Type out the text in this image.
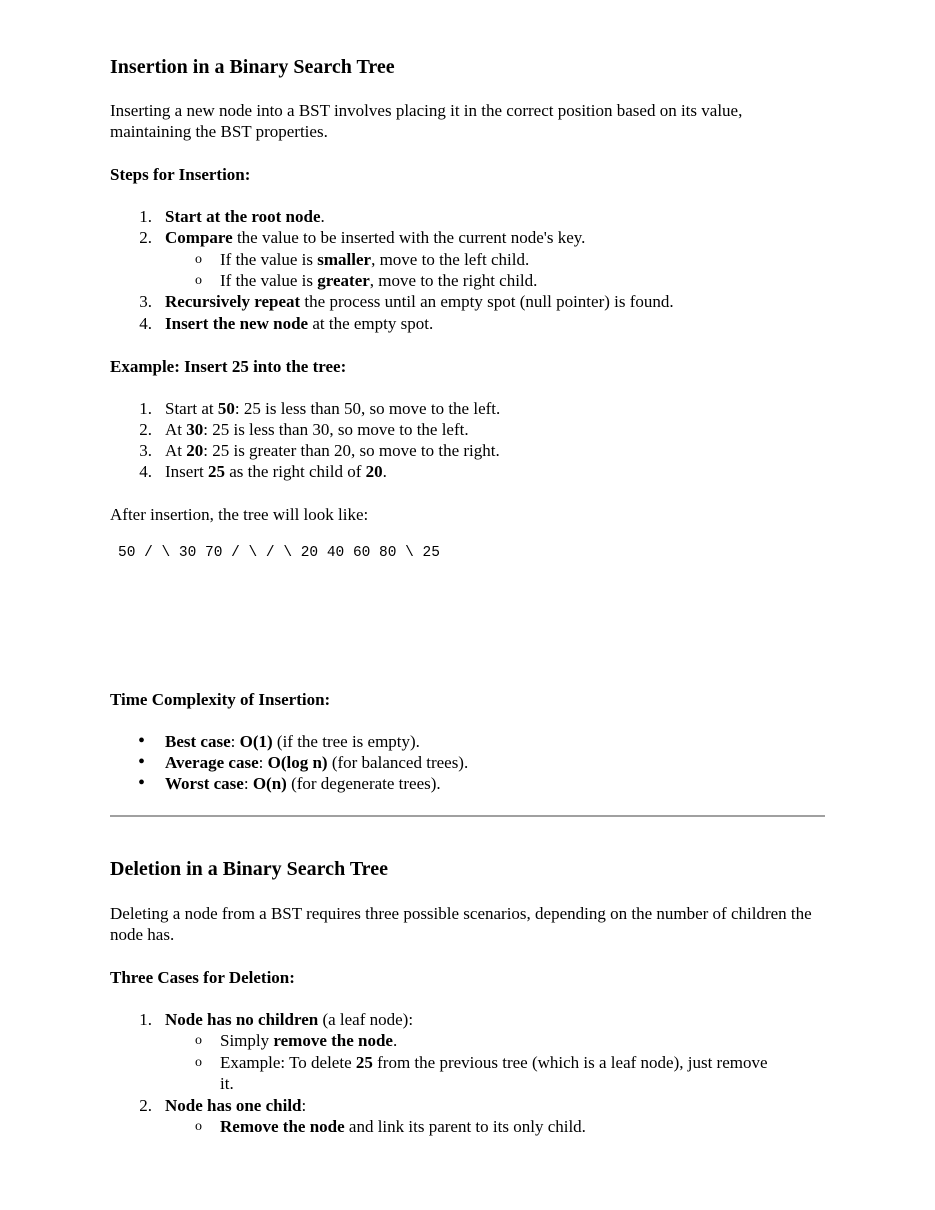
Insertion in a Binary Search Tree

Inserting a new node into a BST involves placing it in the correct position based on its value, maintaining the BST properties.

Steps for Insertion:
1. Start at the root node.
2. Compare the value to be inserted with the current node's key.
o If the value is smaller, move to the left child.
o If the value is greater, move to the right child.
3. Recursively repeat the process until an empty spot (null pointer) is found.
4. Insert the new node at the empty spot.
Example: Insert 25 into the tree:
1. Start at 50: 25 is less than 50, so move to the left.
2. At 30: 25 is less than 30, so move to the left.
3. At 20: 25 is greater than 20, so move to the right.
4. Insert 25 as the right child of 20.

After insertion, the tree will look like:

50 / \ 30 70 / \ / \ 20 40 60 80 \ 25
Time Complexity of Insertion:
• Best case: O(1) (if the tree is empty).
• Average case: O(log n) (for balanced trees).
• Worst case: O(n) (for degenerate trees).
Deletion in a Binary Search Tree

Deleting a node from a BST requires three possible scenarios, depending on the number of children the node has.

Three Cases for Deletion:
1. Node has no children (a leaf node):
o Simply remove the node.
o Example: To delete 25 from the previous tree (which is a leaf node), just remove
it.
2. Node has one child:
o Remove the node and link its parent to its only child.
